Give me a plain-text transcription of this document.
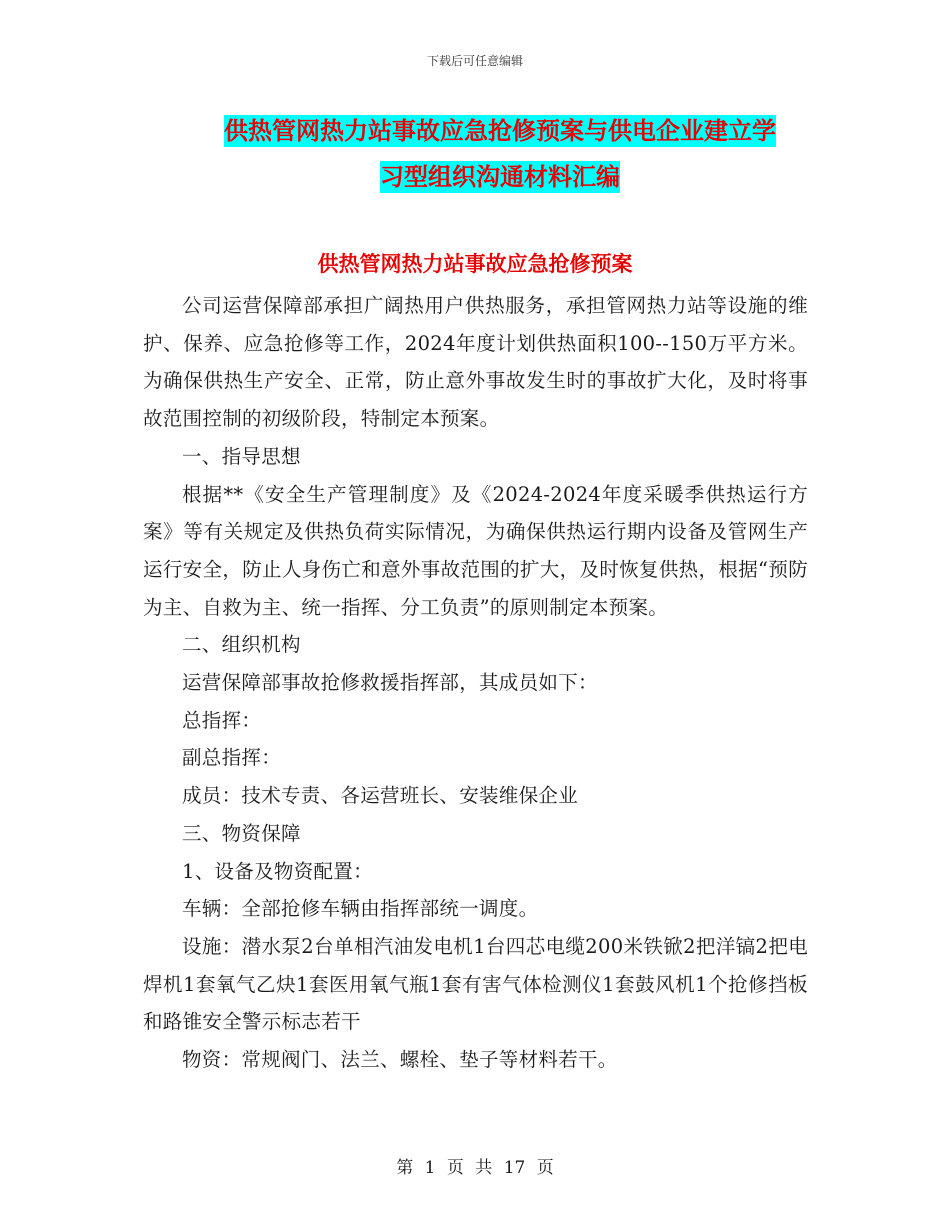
下载后可任意编辑
供热管网热力站事故应急抢修预案与供电企业建立学
习型组织沟通材料汇编
供热管网热力站事故应急抢修预案

公司运营保障部承担广阔热用户供热服务，承担管网热力站等设施的维护、保养、应急抢修等工作，2024年度计划供热面积100--150万平方米。为确保供热生产安全、正常，防止意外事故发生时的事故扩大化，及时将事故范围控制的初级阶段，特制定本预案。

一、指导思想

根据**《安全生产管理制度》及《2024-2024年度采暖季供热运行方案》等有关规定及供热负荷实际情况，为确保供热运行期内设备及管网生产运行安全，防止人身伤亡和意外事故范围的扩大，及时恢复供热，根据“预防为主、自救为主、统一指挥、分工负责”的原则制定本预案。

二、组织机构

运营保障部事故抢修救援指挥部，其成员如下：

总指挥：

副总指挥：

成员：技术专责、各运营班长、安装维保企业

三、物资保障

1、设备及物资配置：

车辆：全部抢修车辆由指挥部统一调度。

设施：潜水泵2台单相汽油发电机1台四芯电缆200米铁锨2把洋镐2把电焊机1套氧气乙炔1套医用氧气瓶1套有害气体检测仪1套鼓风机1个抢修挡板和路锥安全警示标志若干

物资：常规阀门、法兰、螺栓、垫子等材料若干。

第 1 页 共 17 页
